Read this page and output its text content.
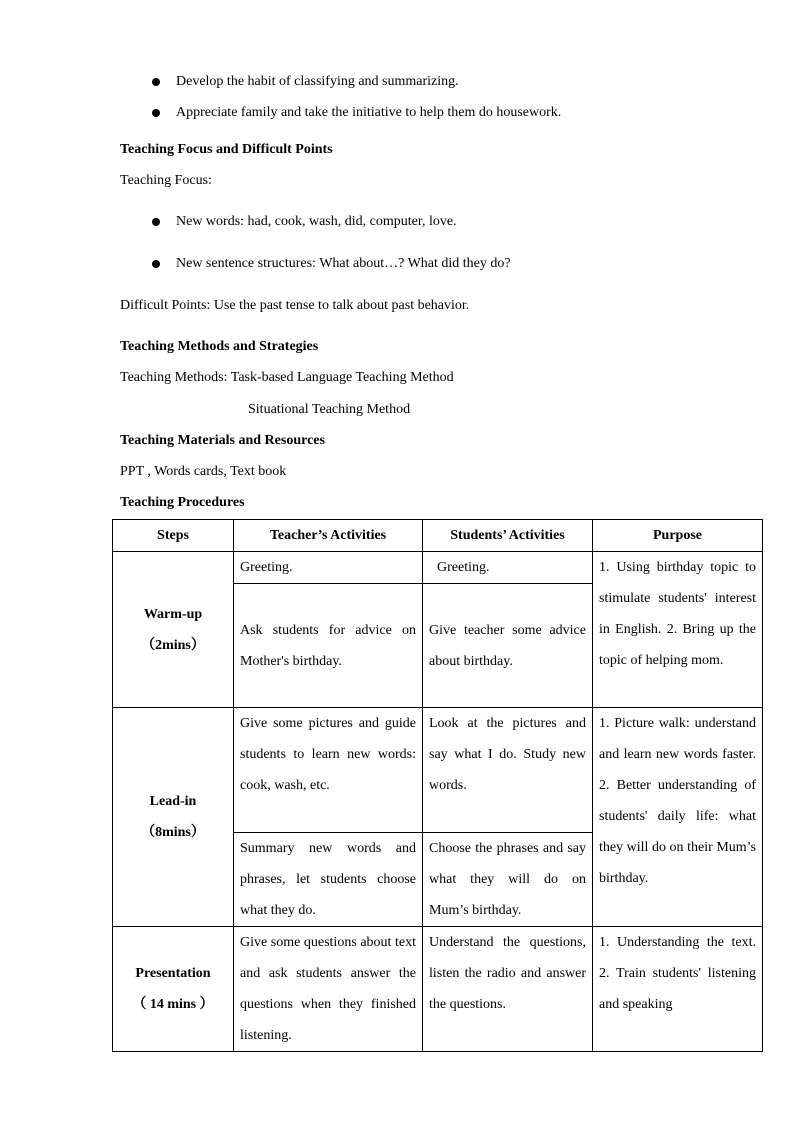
Develop the habit of classifying and summarizing.
Appreciate family and take the initiative to help them do housework.
Teaching Focus and Difficult Points
Teaching Focus:
New words: had, cook, wash, did, computer, love.
New sentence structures: What about…? What did they do?
Difficult Points: Use the past tense to talk about past behavior.
Teaching Methods and Strategies
Teaching Methods: Task-based Language Teaching Method
Situational Teaching Method
Teaching Materials and Resources
PPT , Words cards, Text book
Teaching Procedures
Steps	Teacher’s Activities	Students’ Activities	Purpose

Warm-up
（2mins）	Greeting.	Greeting.	1. Using birthday topic to stimulate students' interest in English. 2. Bring up the topic of helping mom.
	Ask students for advice on Mother's birthday.	Give teacher some advice about birthday.	

Lead-in
（8mins）	Give some pictures and guide students to learn new words: cook, wash, etc.	Look at the pictures and say what I do. Study new words.	1. Picture walk: understand and learn new words faster. 2. Better understanding of students' daily life: what they will do on their Mum’s birthday.
	Summary new words and phrases, let students choose what they do.	Choose the phrases and say what they will do on Mum’s birthday.	

Presentation
（ 14 mins ）	Give some questions about text and ask students answer the questions when they finished listening.	Understand the questions, listen the radio and answer the questions.	1. Understanding the text. 2. Train students' listening and speaking
